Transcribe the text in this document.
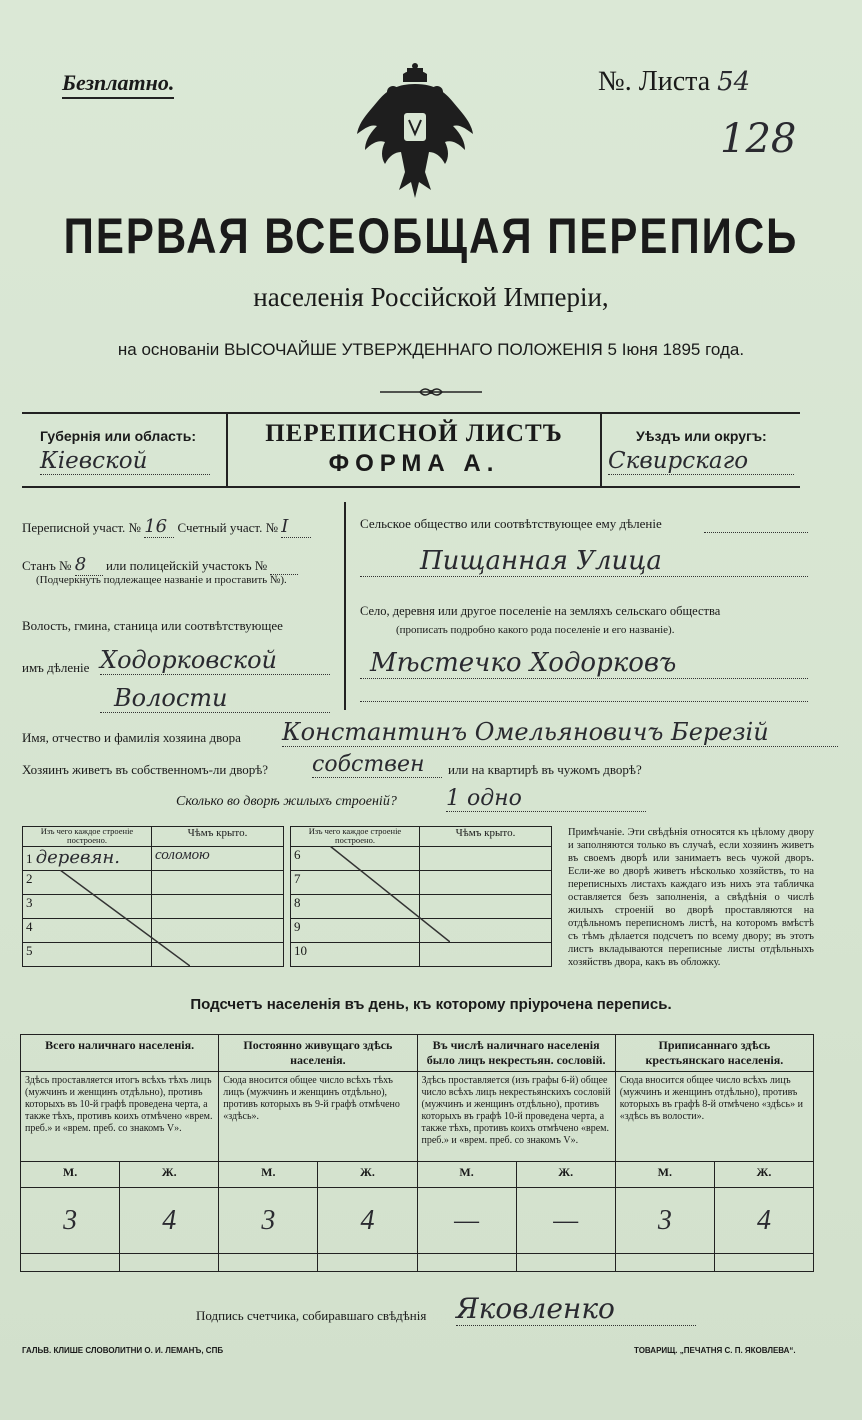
Безплатно.	№. Листа 54
128
ПЕРВАЯ ВСЕОБЩАЯ ПЕРЕПИСЬ
населенія Россійской Имперіи,
на основаніи ВЫСОЧАЙШЕ УТВЕРЖДЕННАГО ПОЛОЖЕНІЯ 5 Іюня 1895 года.
Губернія или область:
Кіевской
ПЕРЕПИСНОЙ ЛИСТЪ
ФОРМА А.
Уѣздъ или округъ:
Сквирскаго
Переписной участ. № 16 Счетный участ. № I
Станъ № 8 или полицейскій участокъ №
(Подчеркнуть подлежащее названіе и проставить №).
Волость, гмина, станица или соотвѣтствующее
имъ дѣленіе Ходорковской
Волости
Сельское общество или соотвѣтствующее ему дѣленіе
Пищанная Улица
Село, деревня или другое поселеніе на земляхъ сельскаго общества
(прописать подробно какого рода поселеніе и его названіе).
Мѣстечко Ходорковъ
Имя, отчество и фамилія хозяина двора Константинъ Омельяновичъ Березій
Хозяинъ живетъ въ собственномъ-ли дворѣ? собствен	или на квартирѣ въ чужомъ дворѣ?
Сколько во дворѣ жилыхъ строеній? 1 одно
Изъ чего каждое строеніе построено.	Чѣмъ крыто.
1 деревян.	соломою
2	
3	
4	
5	
Изъ чего каждое строеніе построено.	Чѣмъ крыто.
6	
7	
8	
9	
10	
Примѣчаніе. Эти свѣдѣнія относятся къ цѣлому двору и заполняются только въ случаѣ, если хозяинъ живетъ въ своемъ дворѣ или занимаетъ весь чужой дворъ. Если-же во дворѣ живетъ нѣсколько хозяйствъ, то на переписныхъ листахъ каждаго изъ нихъ эта табличка оставляется безъ заполненія, а свѣдѣнія о числѣ жилыхъ строеній во дворѣ проставляются на отдѣльномъ переписномъ листѣ, на которомъ вмѣстѣ съ тѣмъ дѣлается подсчетъ по всему двору; въ этотъ листъ вкладываются переписные листы отдѣльныхъ хозяйствъ двора, какъ въ обложку.
Подсчетъ населенія въ день, къ которому пріурочена перепись.
Всего наличнаго населенія.		Постоянно живущаго здѣсь населенія.		Въ числѣ наличнаго населенія было лицъ некрестьян. сословій.		Приписаннаго здѣсь крестьянскаго населенія.	
Здѣсь проставляется итогъ всѣхъ тѣхъ лицъ (мужчинъ и женщинъ отдѣльно), противъ которыхъ въ 10-й графѣ проведена черта, а также тѣхъ, противъ коихъ отмѣчено «врем. преб.» и «врем. преб. со знакомъ V».		Сюда вносится общее число всѣхъ тѣхъ лицъ (мужчинъ и женщинъ отдѣльно), противъ которыхъ въ 9-й графѣ отмѣчено «здѣсь».		Здѣсь проставляется (изъ графы 6-й) общее число всѣхъ лицъ некрестьянскихъ сословій (мужчинъ и женщинъ отдѣльно), противъ которыхъ въ графѣ 10-й проведена черта, а также тѣхъ, противъ коихъ отмѣчено «врем. преб.» и «врем. преб. со знакомъ V».		Сюда вносится общее число всѣхъ лицъ (мужчинъ и женщинъ отдѣльно), противъ которыхъ въ графѣ 8-й отмѣчено «здѣсь» и «здѣсь въ волости».	
М.	Ж.	М.	Ж.	М.	Ж.	М.	Ж.
3	4	3	4	—	—	3	4

Подпись счетчика, собиравшаго свѣдѣнія Яковленко
ГАЛЬВ. КЛИШЕ СЛОВОЛИТНИ О. И. ЛЕМАНЪ, СПБ	ТОВАРИЩ. „ПЕЧАТНЯ С. П. ЯКОВЛЕВА“.
